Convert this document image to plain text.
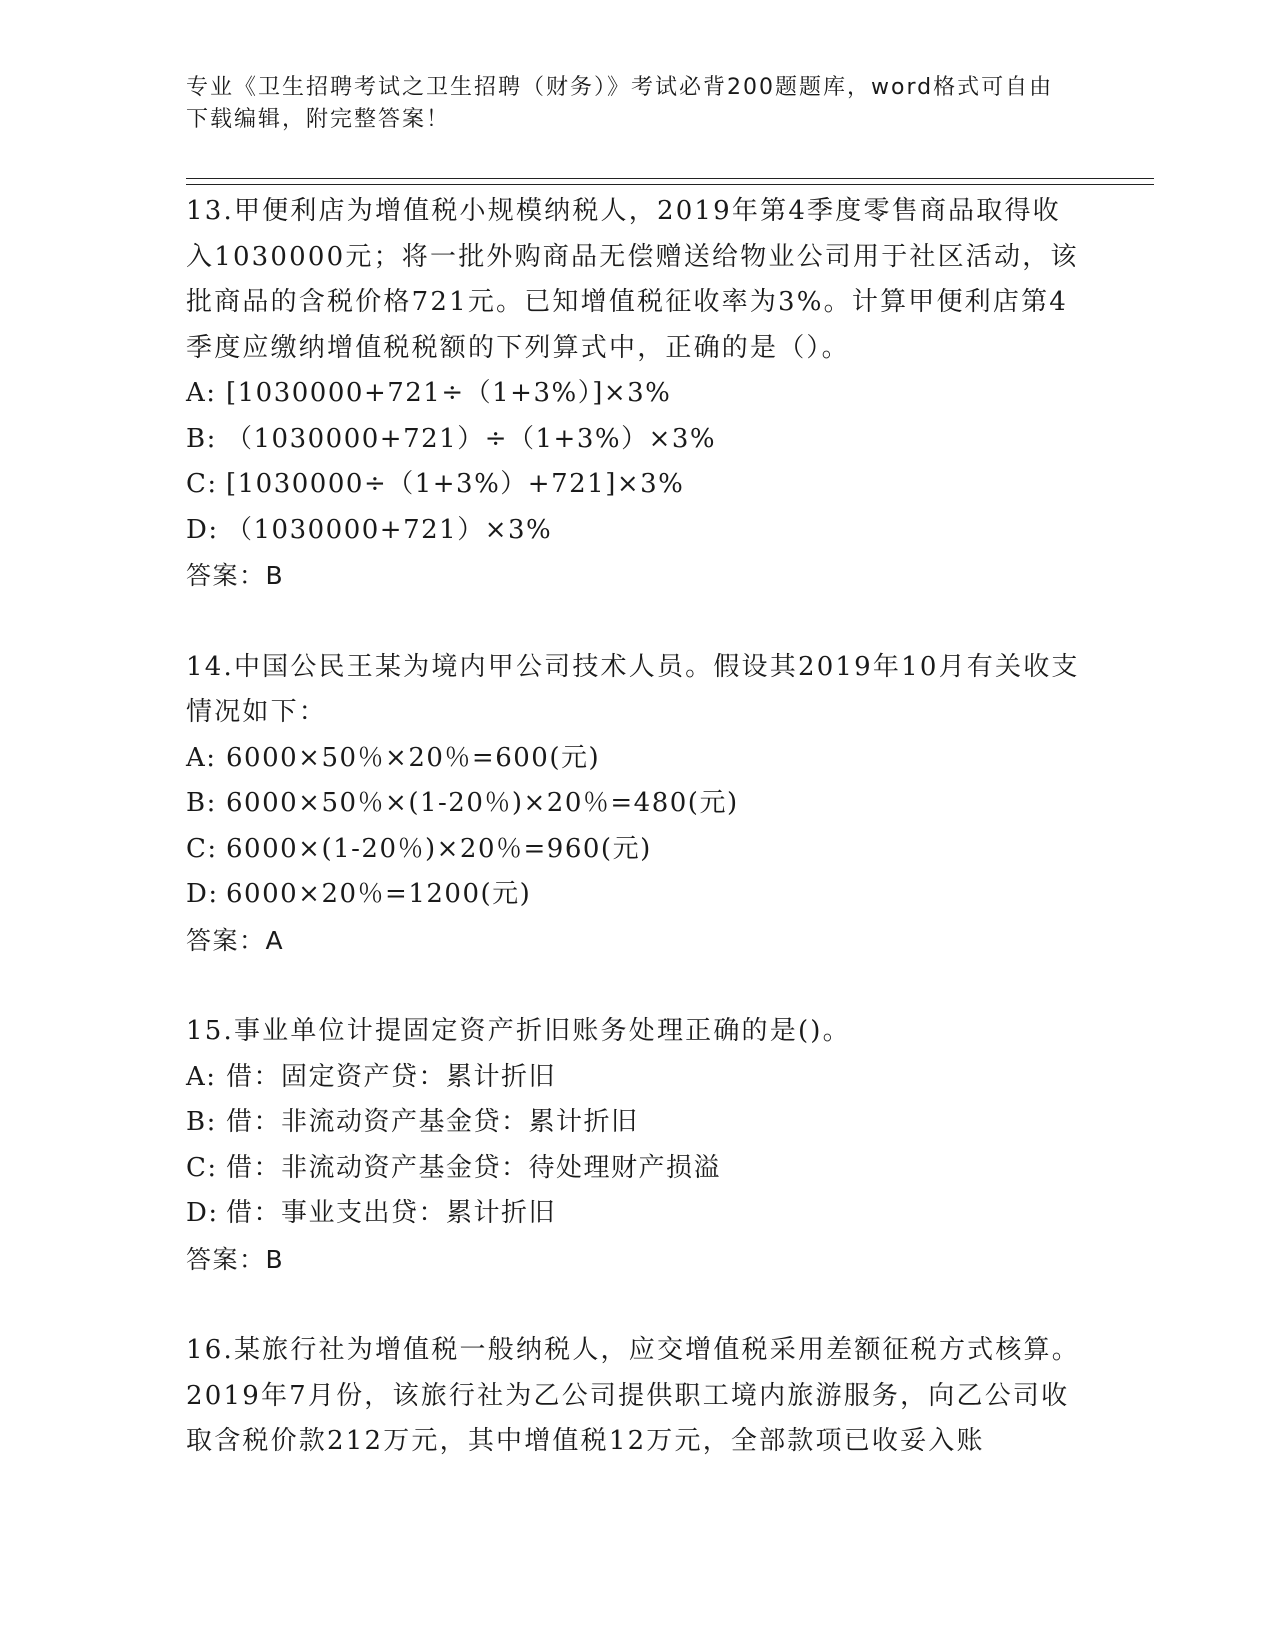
专业《卫生招聘考试之卫生招聘（财务）》考试必背200题题库，word格式可自由下载编辑，附完整答案！

13.甲便利店为增值税小规模纳税人，2019年第4季度零售商品取得收入1030000元；将一批外购商品无偿赠送给物业公司用于社区活动，该批商品的含税价格721元。已知增值税征收率为3%。计算甲便利店第4季度应缴纳增值税税额的下列算式中，正确的是（）。

A: [1030000+721÷（1+3%）]×3%

B: （1030000+721）÷（1+3%）×3%

C: [1030000÷（1+3%）+721]×3%

D: （1030000+721）×3%

答案：B

14.中国公民王某为境内甲公司技术人员。假设其2019年10月有关收支情况如下：

A: 6000×50％×20％=600(元)

B: 6000×50％×(1-20％)×20％=480(元)

C: 6000×(1-20％)×20％=960(元)

D: 6000×20％=1200(元)

答案：A

15.事业单位计提固定资产折旧账务处理正确的是()。

A: 借：固定资产贷：累计折旧

B: 借：非流动资产基金贷：累计折旧

C: 借：非流动资产基金贷：待处理财产损溢

D: 借：事业支出贷：累计折旧

答案：B

16.某旅行社为增值税一般纳税人，应交增值税采用差额征税方式核算。2019年7月份，该旅行社为乙公司提供职工境内旅游服务，向乙公司收取含税价款212万元，其中增值税12万元，全部款项已收妥入账
